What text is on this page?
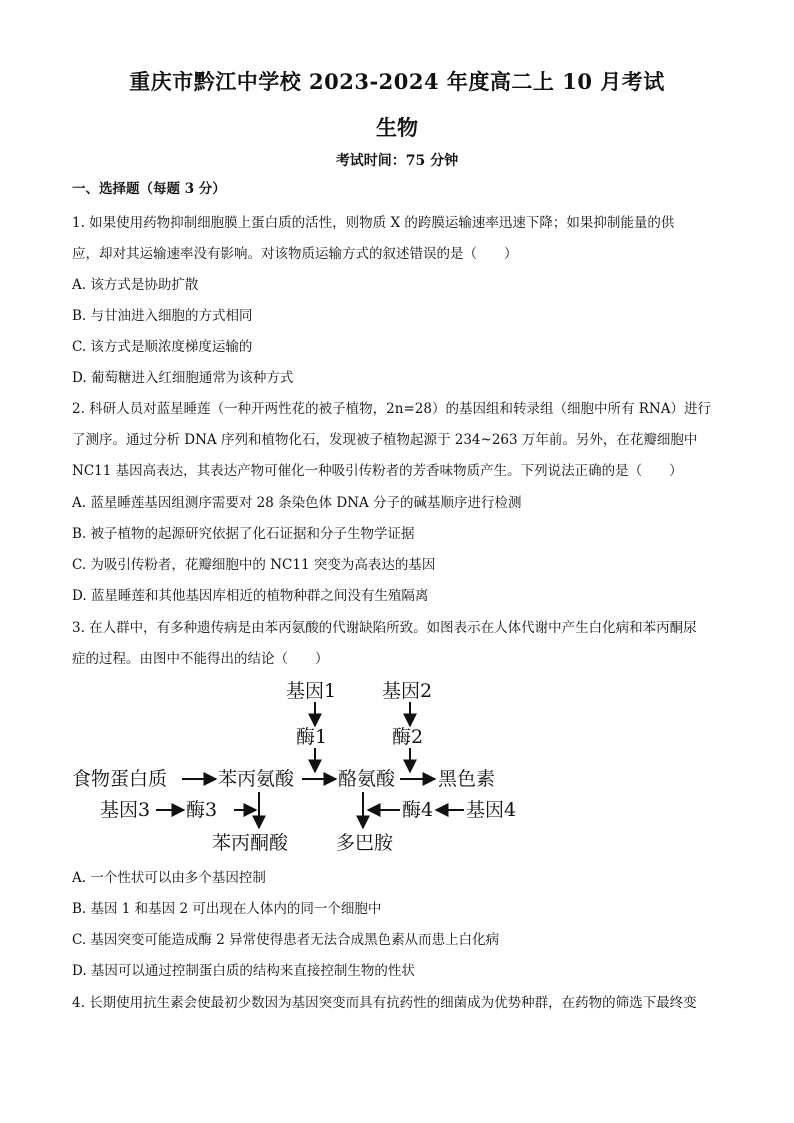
重庆市黔江中学校 2023-2024 年度高二上 10 月考试
生物
考试时间：75 分钟
一、选择题（每题 3 分）
1. 如果使用药物抑制细胞膜上蛋白质的活性，则物质 X 的跨膜运输速率迅速下降；如果抑制能量的供
应，却对其运输速率没有影响。对该物质运输方式的叙述错误的是（　　）
A. 该方式是协助扩散
B. 与甘油进入细胞的方式相同
C. 该方式是顺浓度梯度运输的
D. 葡萄糖进入红细胞通常为该种方式
2. 科研人员对蓝星睡莲（一种开两性花的被子植物，2n=28）的基因组和转录组（细胞中所有 RNA）进行
了测序。通过分析 DNA 序列和植物化石，发现被子植物起源于 234~263 万年前。另外，在花瓣细胞中
NC11 基因高表达，其表达产物可催化一种吸引传粉者的芳香味物质产生。下列说法正确的是（　　）
A. 蓝星睡莲基因组测序需要对 28 条染色体 DNA 分子的碱基顺序进行检测
B. 被子植物的起源研究依据了化石证据和分子生物学证据
C. 为吸引传粉者，花瓣细胞中的 NC11 突变为高表达的基因
D. 蓝星睡莲和其他基因库相近的植物种群之间没有生殖隔离
3. 在人群中，有多种遗传病是由苯丙氨酸的代谢缺陷所致。如图表示在人体代谢中产生白化病和苯丙酮尿
症的过程。由图中不能得出的结论（　　）
基因1 基因2
酶1	酶2
食物蛋白质	苯丙氨酸 酪氨酸 黑色素
基因3 酶3	酶4 基因4
苯丙酮酸	多巴胺
A. 一个性状可以由多个基因控制
B. 基因 1 和基因 2 可出现在人体内的同一个细胞中
C. 基因突变可能造成酶 2 异常使得患者无法合成黑色素从而患上白化病
D. 基因可以通过控制蛋白质的结构来直接控制生物的性状
4. 长期使用抗生素会使最初少数因为基因突变而具有抗药性的细菌成为优势种群，在药物的筛选下最终变
